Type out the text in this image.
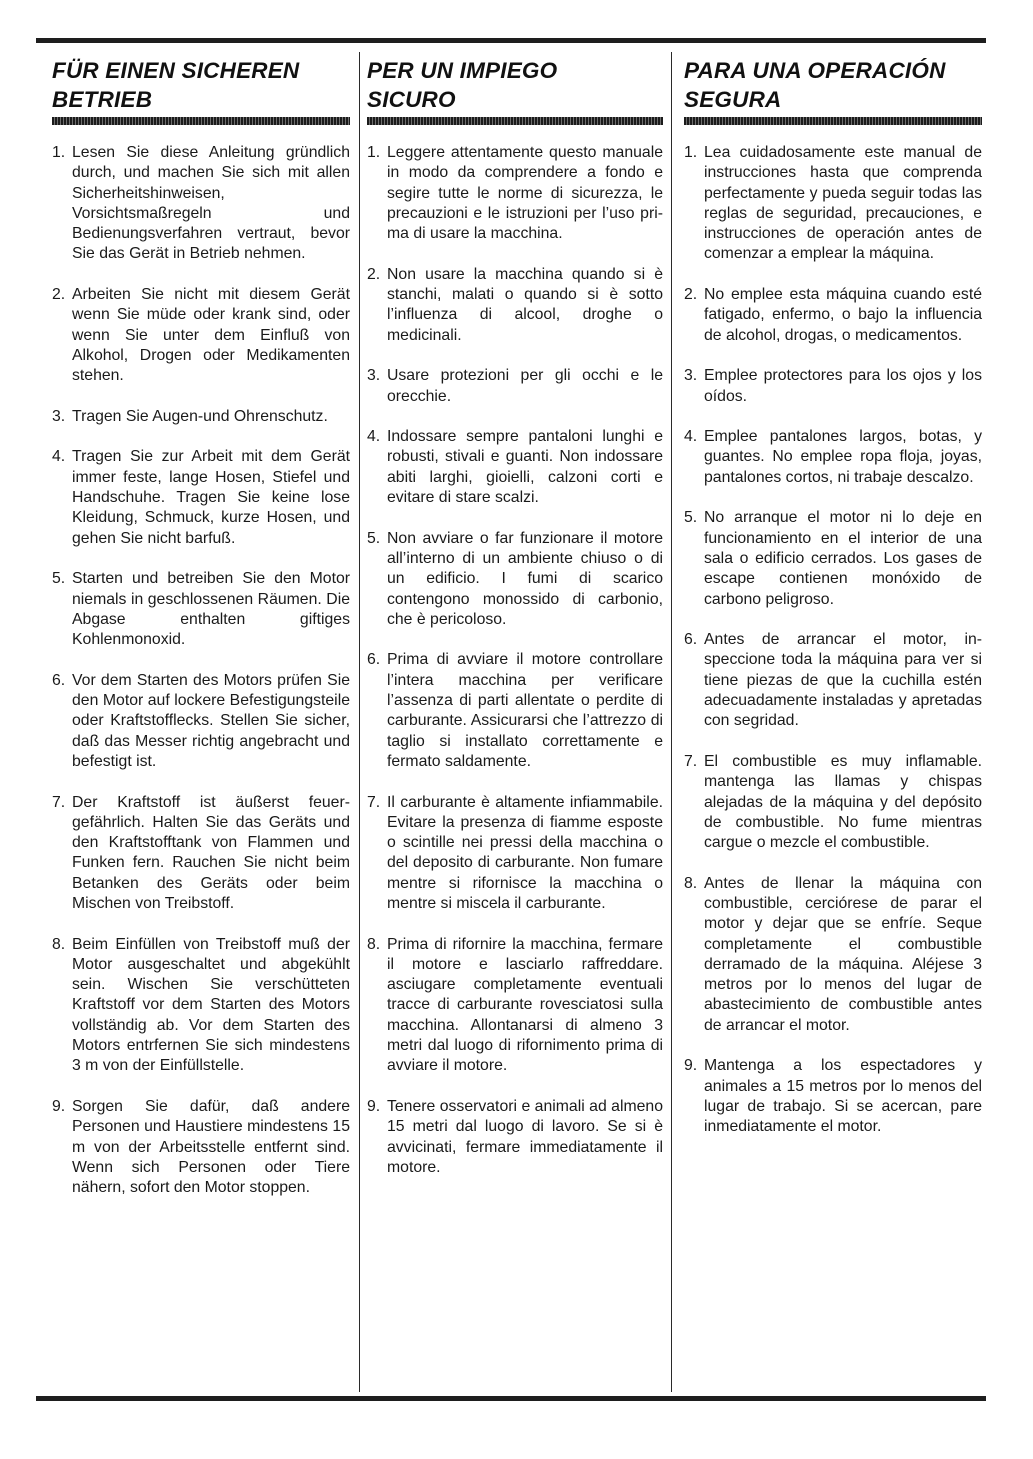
FÜR EINEN SICHEREN
BETRIEB
1. Lesen Sie diese Anleitung gründlich durch, und machen Sie sich mit allen Sicherheitshinweisen, Vorsichtsmaßregeln und Bedienungsverfahren vertraut, bevor Sie das Gerät in Betrieb nehmen.
2. Arbeiten Sie nicht mit diesem Gerät wenn Sie müde oder krank sind, oder wenn Sie unter dem Einfluß von Alkohol, Drogen oder Medikamenten stehen.
3. Tragen Sie Augen-und Ohrenschutz.
4. Tragen Sie zur Arbeit mit dem Gerät immer feste, lange Hosen, Stiefel und Handschuhe. Tragen Sie keine lose Kleidung, Schmuck, kurze Hosen, und gehen Sie nicht barfuß.
5. Starten und betreiben Sie den Motor niemals in geschlossenen Räumen. Die Abgase enthalten giftiges Kohlenmonoxid.
6. Vor dem Starten des Motors prüfen Sie den Motor auf lockere Befestigungsteile oder Kraftstofflecks. Stellen Sie sicher, daß das Messer richtig angebracht und befestigt ist.
7. Der Kraftstoff ist äußerst feuergefährlich. Halten Sie das Geräts und den Kraftstofftank von Flammen und Funken fern. Rauchen Sie nicht beim Betanken des Geräts oder beim Mischen von Treibstoff.
8. Beim Einfüllen von Treibstoff muß der Motor ausgeschaltet und abgekühlt sein. Wischen Sie verschütteten Kraftstoff vor dem Starten des Motors vollständig ab. Vor dem Starten des Motors entrfernen Sie sich mindestens 3 m von der Einfüllstelle.
9. Sorgen Sie dafür, daß andere Personen und Haustiere mindestens 15 m von der Arbeitsstelle entfernt sind. Wenn sich Personen oder Tiere nähern, sofort den Motor stoppen.
PER UN IMPIEGO
SICURO
1. Leggere attentamente questo manuale in modo da comprendere a fondo e segire tutte le norme di sicurezza, le precauzioni e le istruzioni per l’uso prima di usare la macchina.
2. Non usare la macchina quando si è stanchi, malati o quando si è sotto l’influenza di alcool, droghe o medicinali.
3. Usare protezioni per gli occhi e le orecchie.
4. Indossare sempre pantaloni lunghi e robusti, stivali e guanti. Non indossare abiti larghi, gioielli, calzoni corti e evitare di stare scalzi.
5. Non avviare o far funzionare il motore all’interno di un ambiente chiuso o di un edificio. I fumi di scarico contengono monossido di carbonio, che è pericoloso.
6. Prima di avviare il motore controllare l’intera macchina per verificare l’assenza di parti allentate o perdite di carburante. Assicurarsi che l’attrezzo di taglio si installato correttamente e fermato saldamente.
7. Il carburante è altamente infiammabile. Evitare la presenza di fiamme esposte o scintille nei pressi della macchina o del deposito di carburante. Non fumare mentre si rifornisce la macchina o mentre si miscela il carburante.
8. Prima di rifornire la macchina, fermare il motore e lasciarlo raffreddare. asciugare completamente eventuali tracce di carburante rovesciatosi sulla macchina. Allontanarsi di almeno 3 metri dal luogo di rifornimento prima di avviare il motore.
9. Tenere osservatori e animali ad almeno 15 metri dal luogo di lavoro. Se si è avvicinati, fermare immediatamente il motore.
PARA UNA OPERACIÓN
SEGURA
1. Lea cuidadosamente este manual de instrucciones hasta que comprenda perfectamente y pueda seguir todas las reglas de seguridad, precauciones, e instrucciones de operación antes de comenzar a emplear la máquina.
2. No emplee esta máquina cuando esté fatigado, enfermo, o bajo la influencia de alcohol, drogas, o medicamentos.
3. Emplee protectores para los ojos y los oídos.
4. Emplee pantalones largos, botas, y guantes. No emplee ropa floja, joyas, pantalones cortos, ni trabaje descalzo.
5. No arranque el motor ni lo deje en funcionamiento en el interior de una sala o edificio cerrados. Los gases de escape contienen monóxido de carbono peligroso.
6. Antes de arrancar el motor, inspeccione toda la máquina para ver si tiene piezas de que la cuchilla estén adecuadamente instaladas y apretadas con segridad.
7. El combustible es muy inflamable. mantenga las llamas y chispas alejadas de la máquina y del depósito de combustible. No fume mientras cargue o mezcle el combustible.
8. Antes de llenar la máquina con combustible, cerciórese de parar el motor y dejar que se enfríe. Seque completamente el combustible derramado de la máquina. Aléjese 3 metros por lo menos del lugar de abastecimiento de combustible antes de arrancar el motor.
9. Mantenga a los espectadores y animales a 15 metros por lo menos del lugar de trabajo. Si se acercan, pare inmediatamente el motor.
